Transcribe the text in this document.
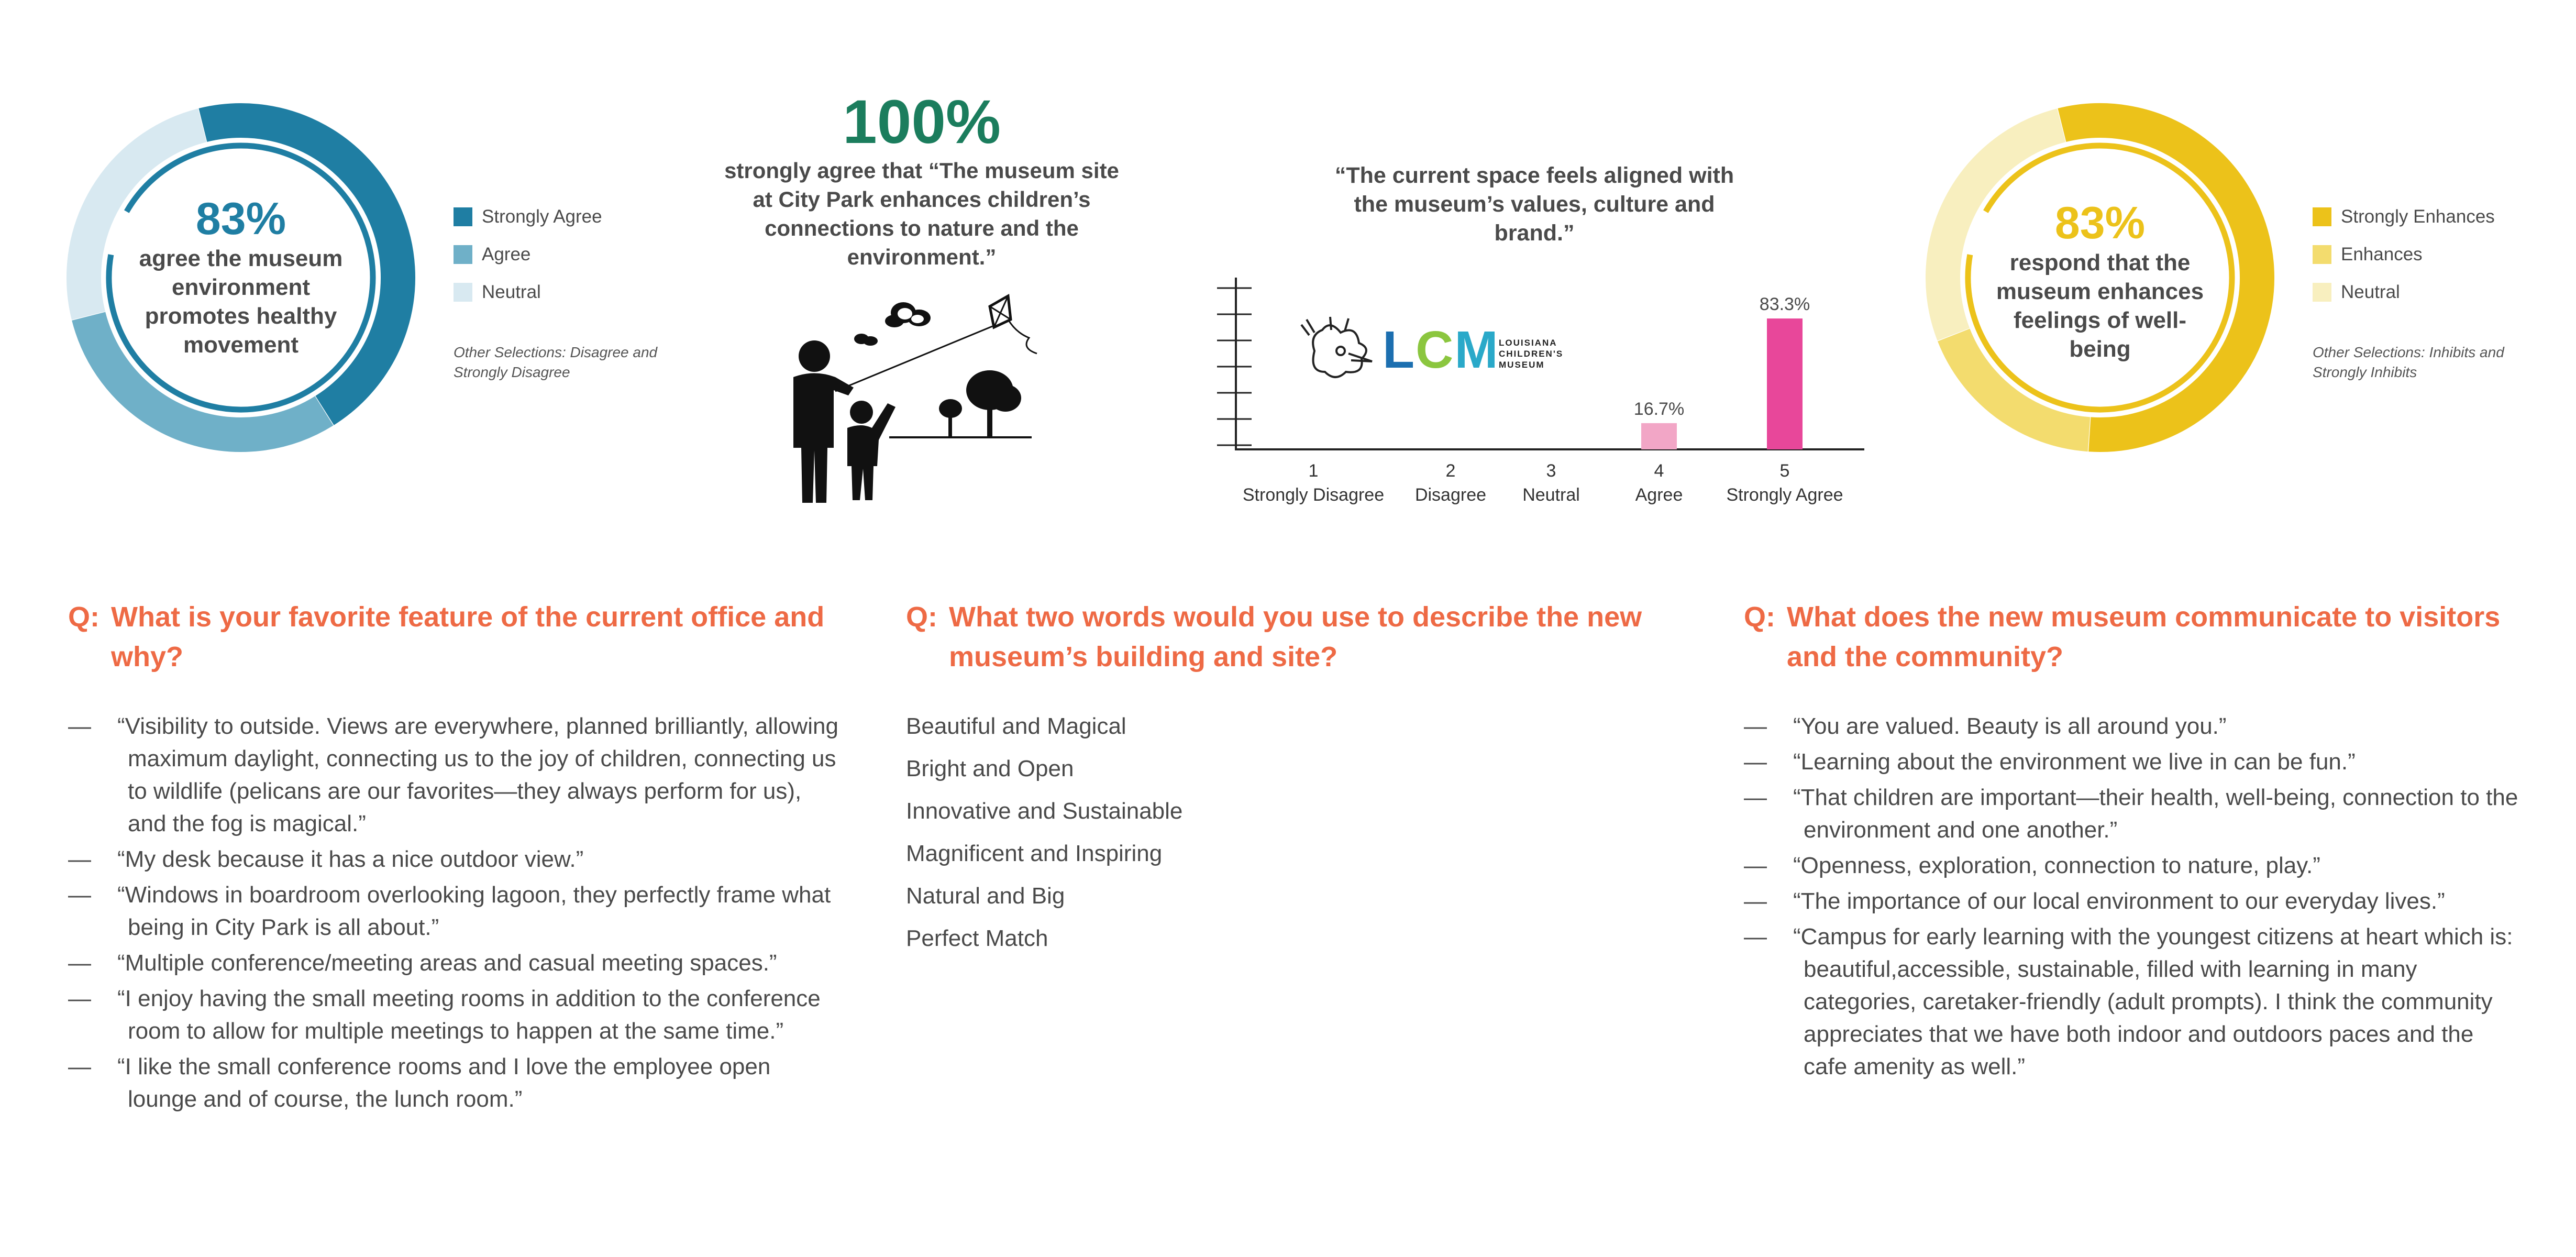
83%
agree the museum environment promotes healthy movement
Strongly Agree
Agree
Neutral
Other Selections: Disagree and Strongly Disagree
100%
strongly agree that “The museum site at City Park enhances children’s connections to nature and the environment.”
“The current space feels aligned with the museum’s values, culture and brand.”
16.7%
83.3%
1
Strongly Disagree
2
Disagree
3
Neutral
4
Agree
5
Strongly Agree
LCM LOUISIANA CHILDREN'S MUSEUM
83%
respond that the museum enhances feelings of well-being
Strongly Enhances
Enhances
Neutral
Other Selections: Inhibits and Strongly Inhibits
Q: What is your favorite feature of the current office and why?
— “Visibility to outside. Views are everywhere, planned brilliantly, allowing maximum daylight, connecting us to the joy of children, connecting us to wildlife (pelicans are our favorites—they always perform for us), and the fog is magical.”
— “My desk because it has a nice outdoor view.”
— “Windows in boardroom overlooking lagoon, they perfectly frame what being in City Park is all about.”
— “Multiple conference/meeting areas and casual meeting spaces.”
— “I enjoy having the small meeting rooms in addition to the conference room to allow for multiple meetings to happen at the same time.”
— “I like the small conference rooms and I love the employee open lounge and of course, the lunch room.”
Q: What two words would you use to describe the new museum’s building and site?
Beautiful and Magical
Bright and Open
Innovative and Sustainable
Magnificent and Inspiring
Natural and Big
Perfect Match
Q: What does the new museum communicate to visitors and the community?
— “You are valued. Beauty is all around you.”
— “Learning about the environment we live in can be fun.”
— “That children are important—their health, well-being, connection to the environment and one another.”
— “Openness, exploration, connection to nature, play.”
— “The importance of our local environment to our everyday lives.”
— “Campus for early learning with the youngest citizens at heart which is: beautiful,accessible, sustainable, filled with learning in many categories, caretaker-friendly (adult prompts). I think the community appreciates that we have both indoor and outdoors paces and the cafe amenity as well.”
